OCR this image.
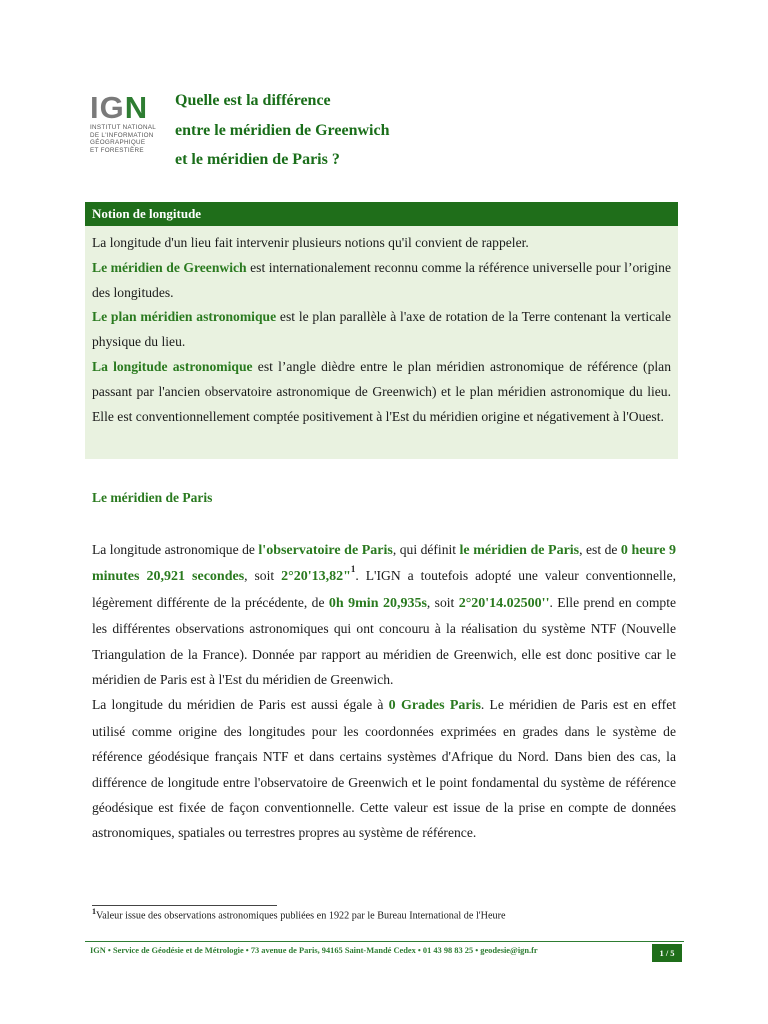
IGN
INSTITUT NATIONAL
DE L'INFORMATION
GÉOGRAPHIQUE
ET FORESTIÈRE
Quelle est la différence
entre le méridien de Greenwich
et le méridien de Paris ?
Notion de longitude

La longitude d'un lieu fait intervenir plusieurs notions qu'il convient de rappeler.

Le méridien de Greenwich est internationalement reconnu comme la référence universelle pour l’origine des longitudes.

Le plan méridien astronomique est le plan parallèle à l'axe de rotation de la Terre contenant la verticale physique du lieu.

La longitude astronomique est l’angle dièdre entre le plan méridien astronomique de référence (plan passant par l'ancien observatoire astronomique de Greenwich) et le plan méridien astronomique du lieu. Elle est conventionnellement comptée positivement à l'Est du méridien origine et négativement à l'Ouest.

Le méridien de Paris

La longitude astronomique de l'observatoire de Paris, qui définit le méridien de Paris, est de 0 heure 9 minutes 20,921 secondes, soit 2°20'13,82"$^1$. L'IGN a toutefois adopté une valeur conventionnelle, légèrement différente de la précédente, de 0h 9min 20,935s, soit 2°20'14.02500''. Elle prend en compte les différentes observations astronomiques qui ont concouru à la réalisation du système NTF (Nouvelle Triangulation de la France). Donnée par rapport au méridien de Greenwich, elle est donc positive car le méridien de Paris est à l'Est du méridien de Greenwich.

La longitude du méridien de Paris est aussi égale à 0 Grades Paris. Le méridien de Paris est en effet utilisé comme origine des longitudes pour les coordonnées exprimées en grades dans le système de référence géodésique français NTF et dans certains systèmes d'Afrique du Nord. Dans bien des cas, la différence de longitude entre l'observatoire de Greenwich et le point fondamental du système de référence géodésique est fixée de façon conventionnelle. Cette valeur est issue de la prise en compte de données astronomiques, spatiales ou terrestres propres au système de référence.

$^1$Valeur issue des observations astronomiques publiées en 1922 par le Bureau International de l'Heure
IGN • Service de Géodésie et de Métrologie • 73 avenue de Paris, 94165 Saint-Mandé Cedex • 01 43 98 83 25 • geodesie@ign.fr	1 / 5
